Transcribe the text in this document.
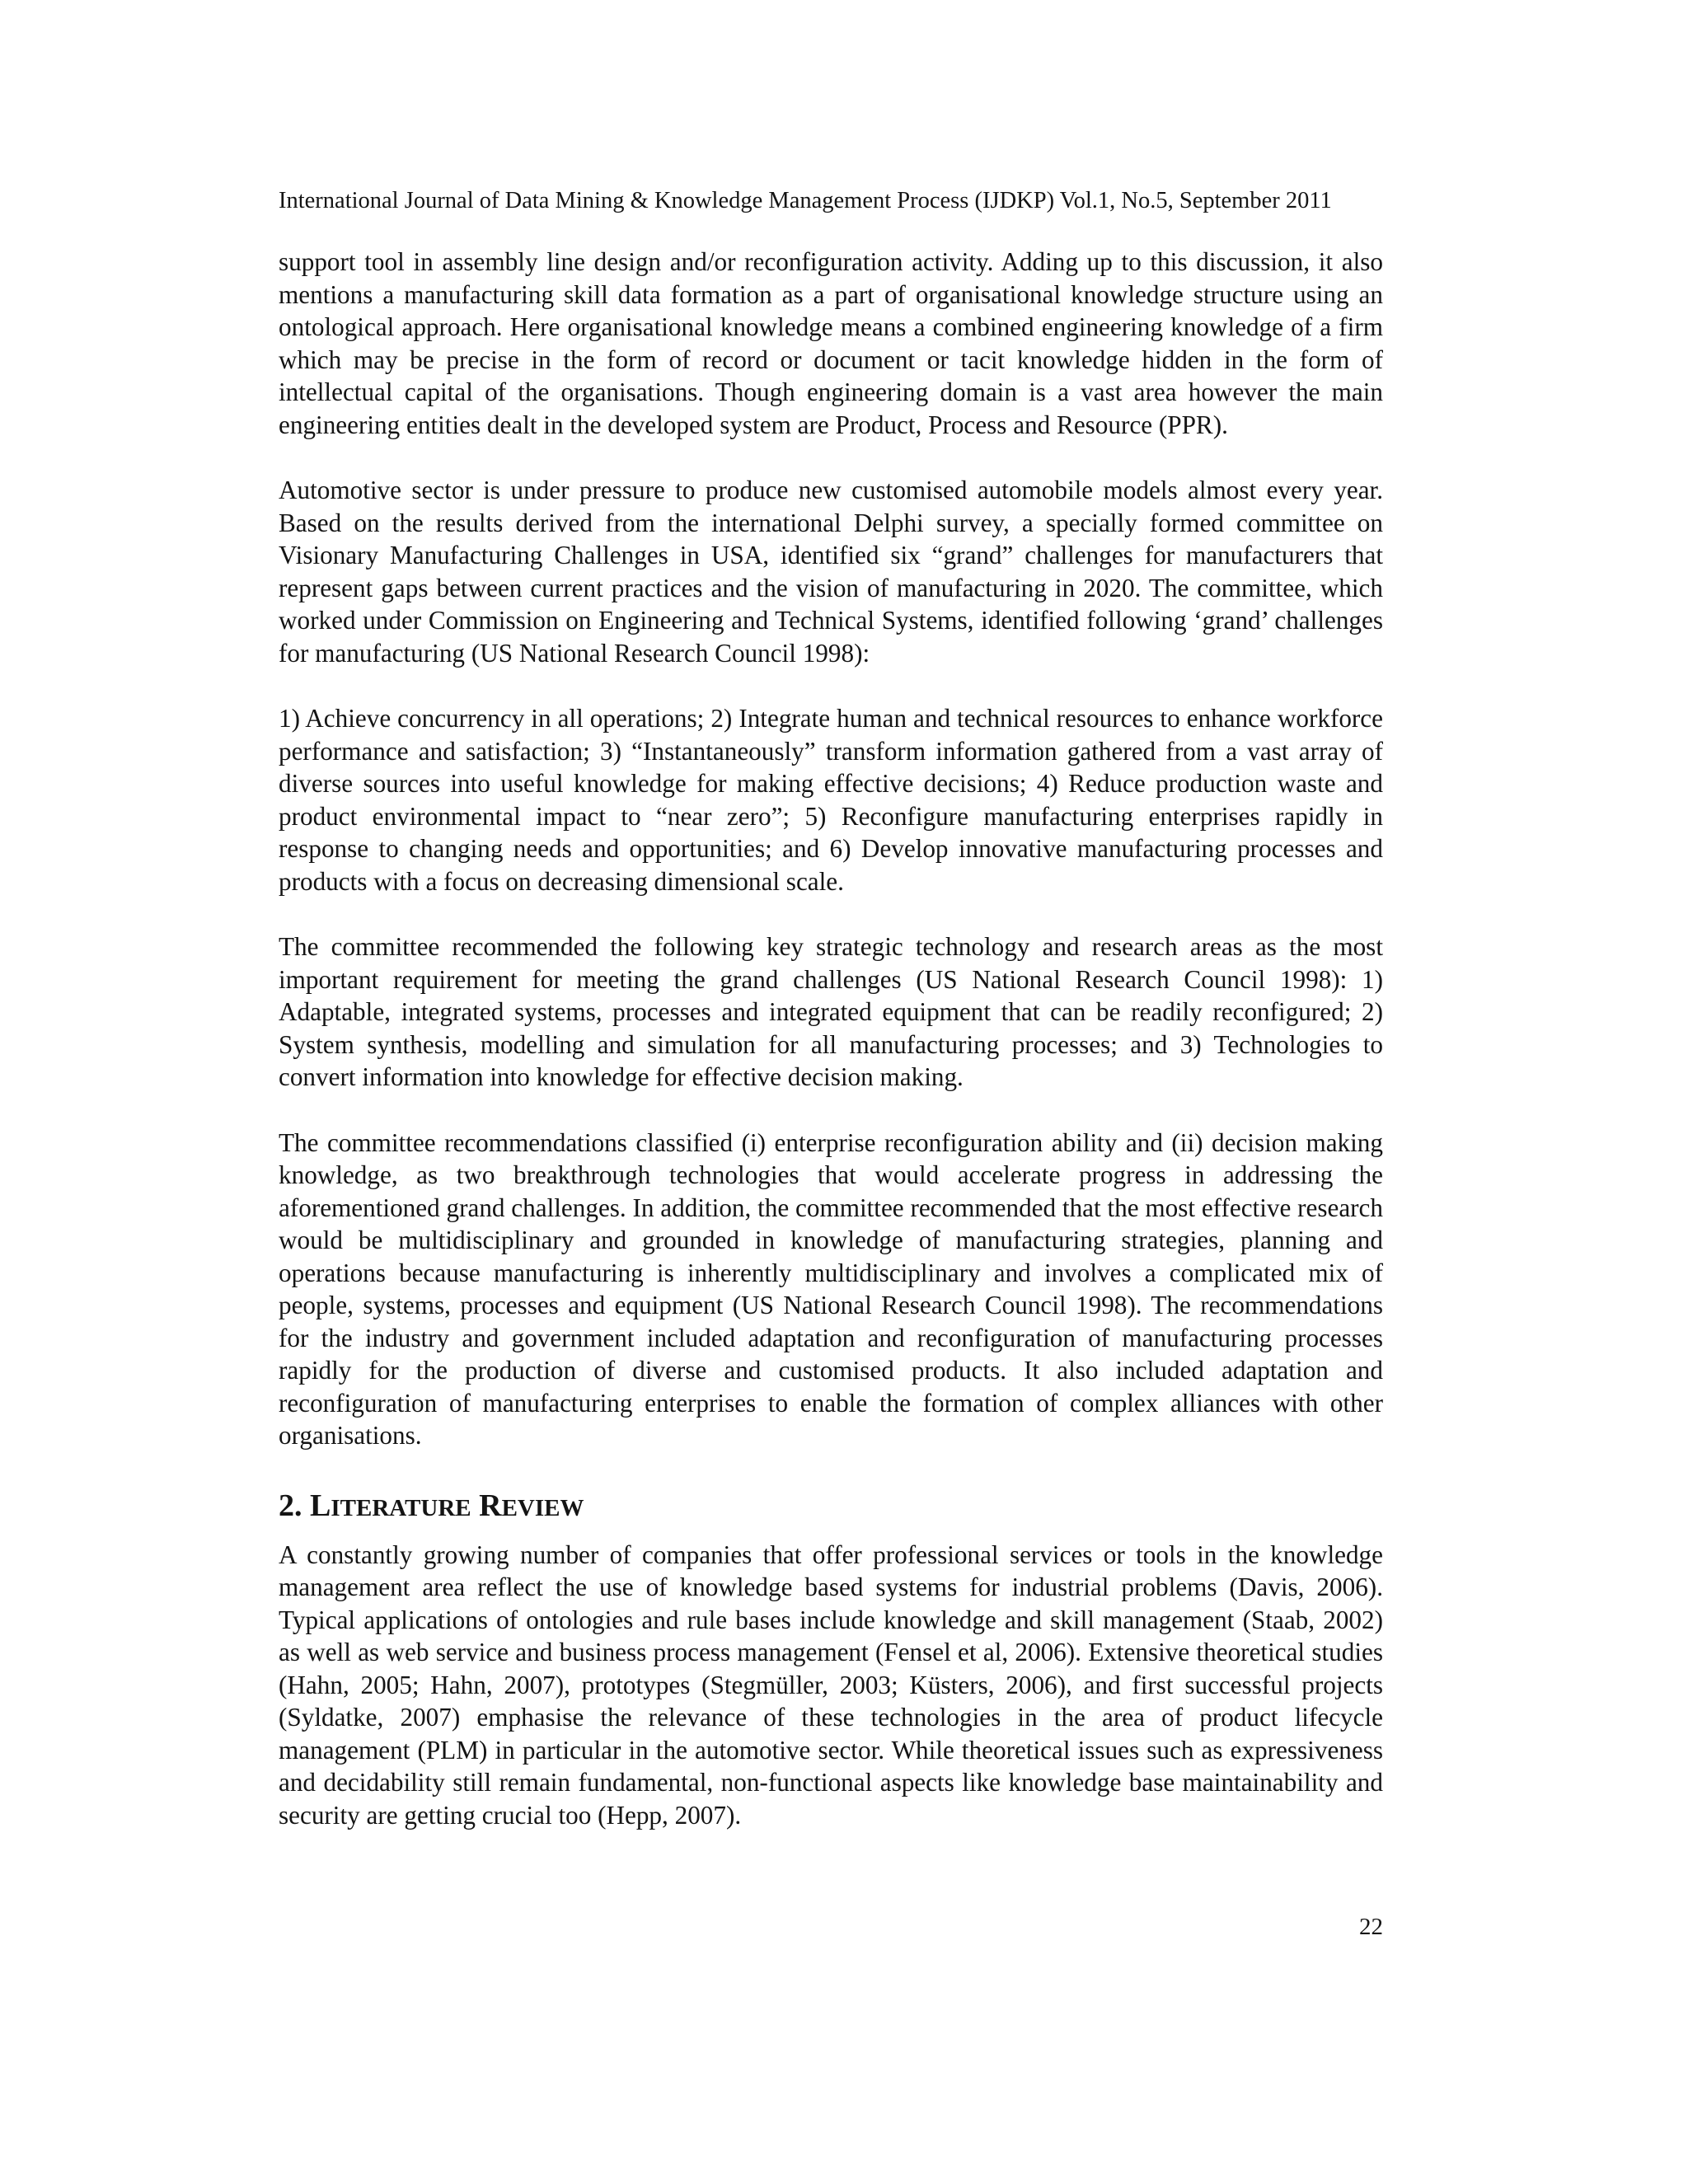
International Journal of Data Mining & Knowledge Management Process (IJDKP) Vol.1, No.5, September 2011

support tool in assembly line design and/or reconfiguration activity. Adding up to this discussion, it also mentions a manufacturing skill data formation as a part of organisational knowledge structure using an ontological approach. Here organisational knowledge means a combined engineering knowledge of a firm which may be precise in the form of record or document or tacit knowledge hidden in the form of intellectual capital of the organisations. Though engineering domain is a vast area however the main engineering entities dealt in the developed system are Product, Process and Resource (PPR).

Automotive sector is under pressure to produce new customised automobile models almost every year. Based on the results derived from the international Delphi survey, a specially formed committee on Visionary Manufacturing Challenges in USA, identified six “grand” challenges for manufacturers that represent gaps between current practices and the vision of manufacturing in 2020. The committee, which worked under Commission on Engineering and Technical Systems, identified following ‘grand’ challenges for manufacturing (US National Research Council 1998):

1) Achieve concurrency in all operations; 2) Integrate human and technical resources to enhance workforce performance and satisfaction; 3) “Instantaneously” transform information gathered from a vast array of diverse sources into useful knowledge for making effective decisions; 4) Reduce production waste and product environmental impact to “near zero”; 5) Reconfigure manufacturing enterprises rapidly in response to changing needs and opportunities; and 6) Develop innovative manufacturing processes and products with a focus on decreasing dimensional scale.

The committee recommended the following key strategic technology and research areas as the most important requirement for meeting the grand challenges (US National Research Council 1998): 1) Adaptable, integrated systems, processes and integrated equipment that can be readily reconfigured; 2) System synthesis, modelling and simulation for all manufacturing processes; and 3) Technologies to convert information into knowledge for effective decision making.

The committee recommendations classified (i) enterprise reconfiguration ability and (ii) decision making knowledge, as two breakthrough technologies that would accelerate progress in addressing the aforementioned grand challenges. In addition, the committee recommended that the most effective research would be multidisciplinary and grounded in knowledge of manufacturing strategies, planning and operations because manufacturing is inherently multidisciplinary and involves a complicated mix of people, systems, processes and equipment (US National Research Council 1998). The recommendations for the industry and government included adaptation and reconfiguration of manufacturing processes rapidly for the production of diverse and customised products. It also included adaptation and reconfiguration of manufacturing enterprises to enable the formation of complex alliances with other organisations.

2. LITERATURE REVIEW

A constantly growing number of companies that offer professional services or tools in the knowledge management area reflect the use of knowledge based systems for industrial problems (Davis, 2006). Typical applications of ontologies and rule bases include knowledge and skill management (Staab, 2002) as well as web service and business process management (Fensel et al, 2006). Extensive theoretical studies (Hahn, 2005; Hahn, 2007), prototypes (Stegmüller, 2003; Küsters, 2006), and first successful projects (Syldatke, 2007) emphasise the relevance of these technologies in the area of product lifecycle management (PLM) in particular in the automotive sector. While theoretical issues such as expressiveness and decidability still remain fundamental, non-functional aspects like knowledge base maintainability and security are getting crucial too (Hepp, 2007).

22
